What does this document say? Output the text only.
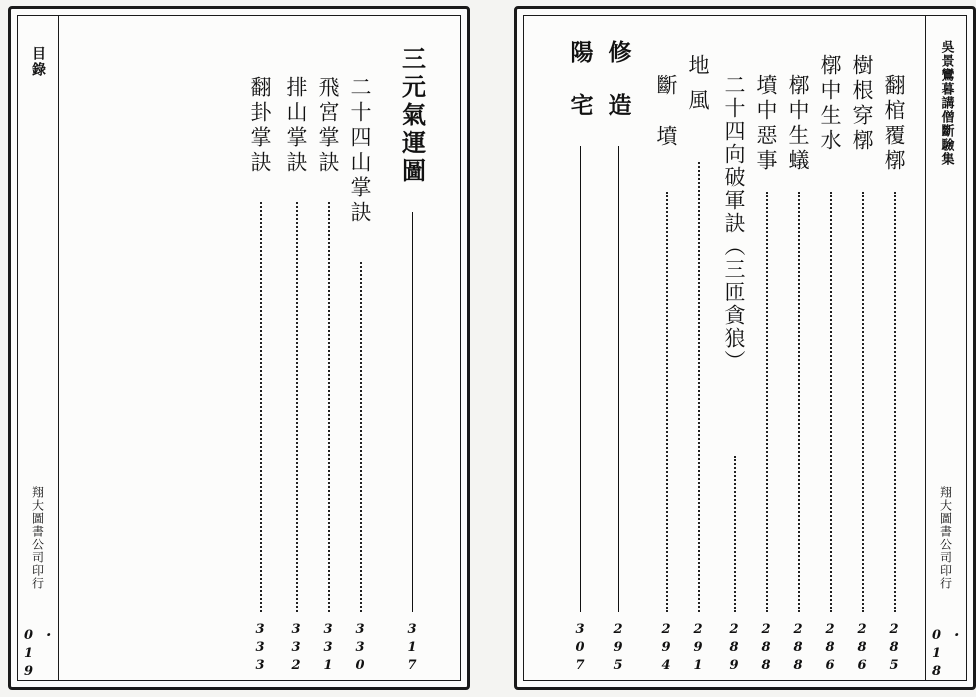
目錄
翔大圖書公司印行
・019
三元氣運圖
317
二十四山掌訣
330
飛宮掌訣
331
排山掌訣
332
翻卦掌訣
333
吳景鸞暮講僧斷驗集
翔大圖書公司印行
・018
翻棺覆槨
285
樹根穿槨
286
槨中生水
286
槨中生蟻
288
墳中惡事
288
二十四向破軍訣（三匝貪狼）
289
地風
291
斷墳
294
修造
295
陽宅
307
